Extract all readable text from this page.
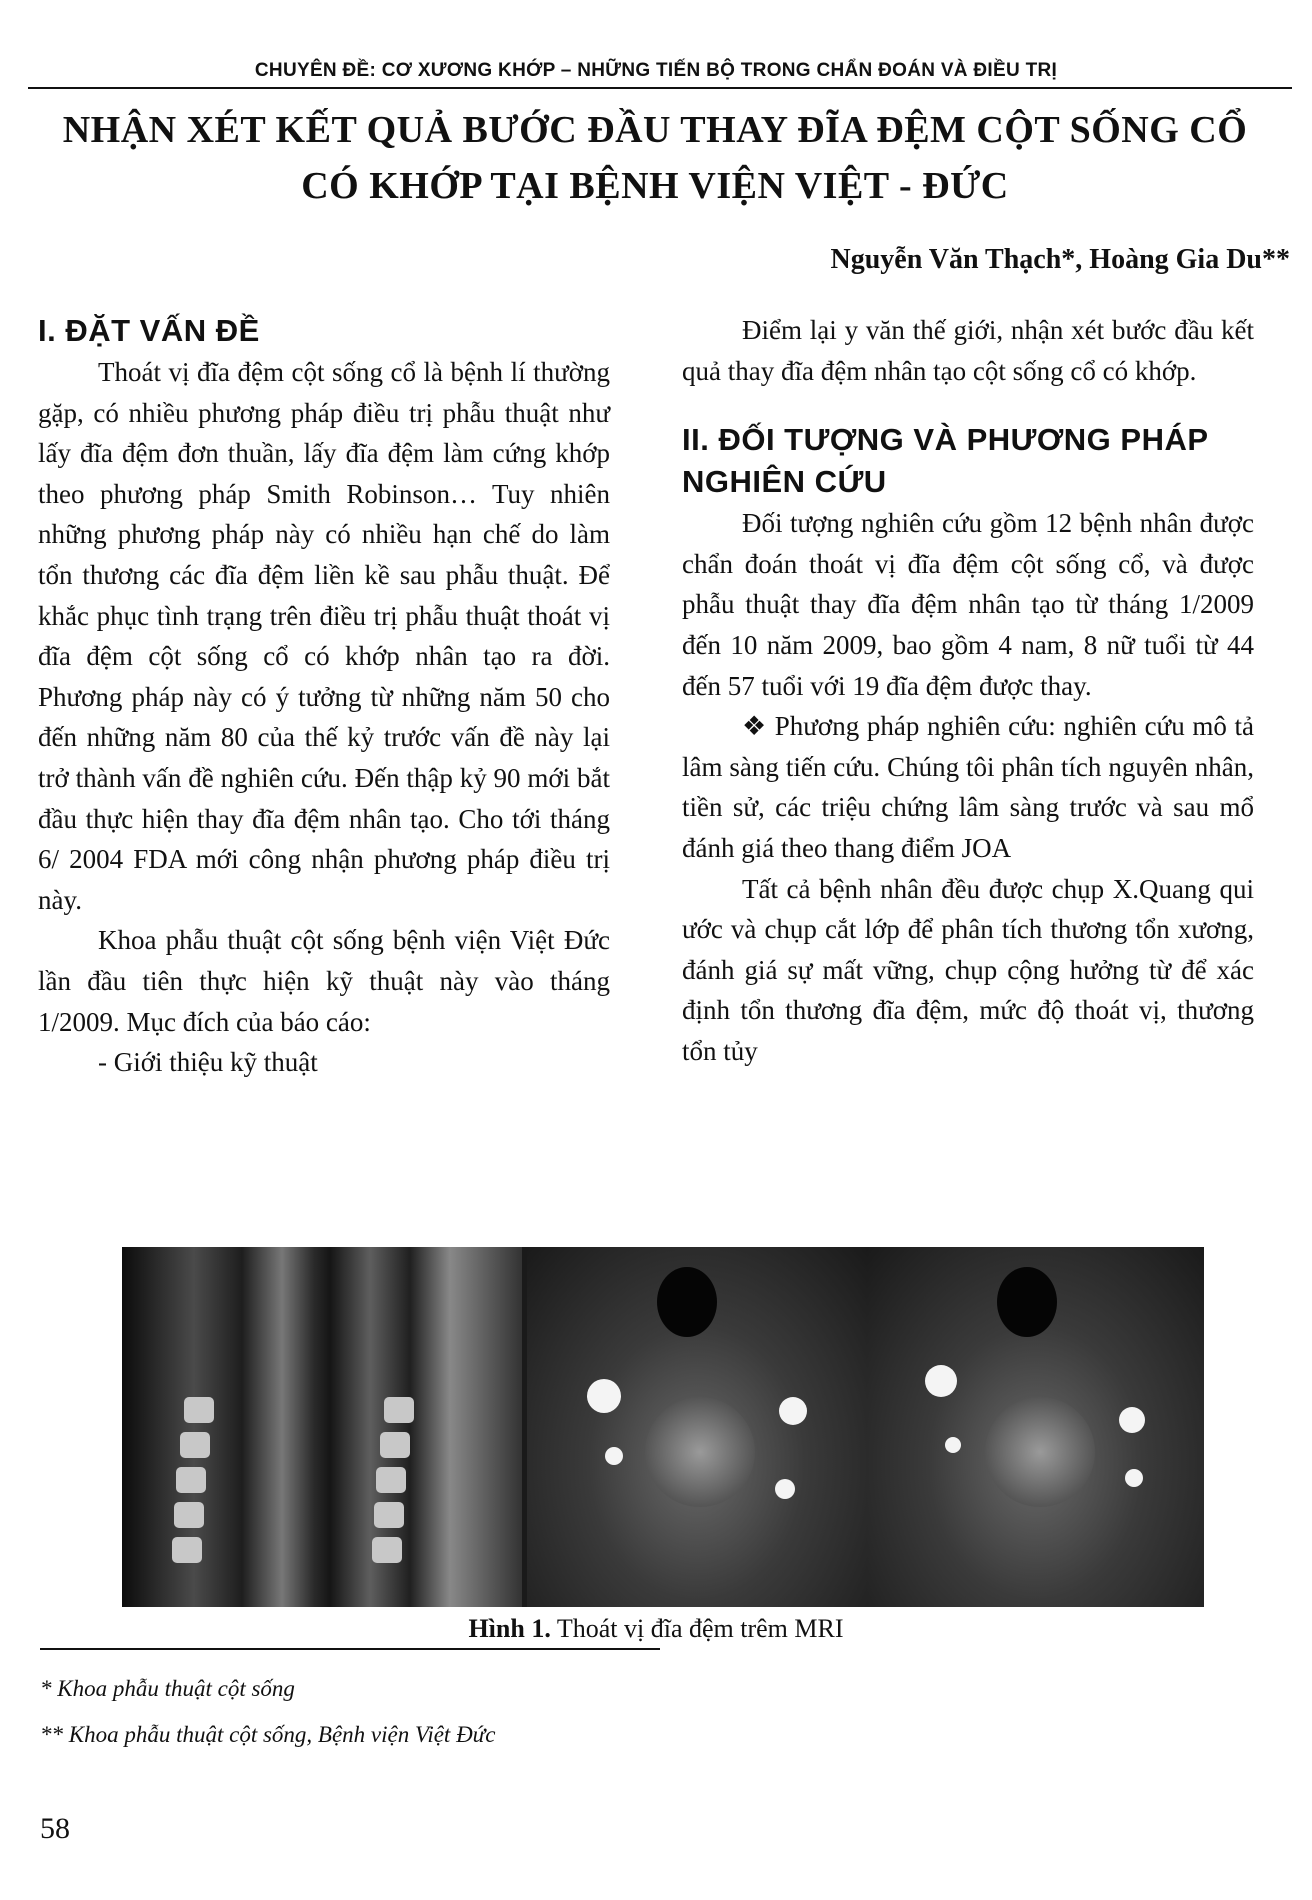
CHUYÊN ĐỀ: CƠ XƯƠNG KHỚP – NHỮNG TIẾN BỘ TRONG CHẨN ĐOÁN VÀ ĐIỀU TRỊ
NHẬN XÉT KẾT QUẢ BƯỚC ĐẦU THAY ĐĨA ĐỆM CỘT SỐNG CỔ
CÓ KHỚP TẠI BỆNH VIỆN VIỆT - ĐỨC
Nguyễn Văn Thạch*, Hoàng Gia Du**
I. ĐẶT VẤN ĐỀ

Thoát vị đĩa đệm cột sống cổ là bệnh lí thường gặp, có nhiều phương pháp điều trị phẫu thuật như lấy đĩa đệm đơn thuần, lấy đĩa đệm làm cứng khớp theo phương pháp Smith Robinson… Tuy nhiên những phương pháp này có nhiều hạn chế do làm tổn thương các đĩa đệm liền kề sau phẫu thuật. Để khắc phục tình trạng trên điều trị phẫu thuật thoát vị đĩa đệm cột sống cổ có khớp nhân tạo ra đời. Phương pháp này có ý tưởng từ những năm 50 cho đến những năm 80 của thế kỷ trước vấn đề này lại trở thành vấn đề nghiên cứu. Đến thập kỷ 90 mới bắt đầu thực hiện thay đĩa đệm nhân tạo. Cho tới tháng 6/ 2004 FDA mới công nhận phương pháp điều trị này.

Khoa phẫu thuật cột sống bệnh viện Việt Đức lần đầu tiên thực hiện kỹ thuật này vào tháng 1/2009. Mục đích của báo cáo:

- Giới thiệu kỹ thuật

Điểm lại y văn thế giới, nhận xét bước đầu kết quả thay đĩa đệm nhân tạo cột sống cổ có khớp.

II. ĐỐI TƯỢNG VÀ PHƯƠNG PHÁP NGHIÊN CỨU

Đối tượng nghiên cứu gồm 12 bệnh nhân được chẩn đoán thoát vị đĩa đệm cột sống cổ, và được phẫu thuật thay đĩa đệm nhân tạo từ tháng 1/2009 đến 10 năm 2009, bao gồm 4 nam, 8 nữ tuổi từ 44 đến 57 tuổi với 19 đĩa đệm được thay.

❖ Phương pháp nghiên cứu: nghiên cứu mô tả lâm sàng tiến cứu. Chúng tôi phân tích nguyên nhân, tiền sử, các triệu chứng lâm sàng trước và sau mổ đánh giá theo thang điểm JOA

Tất cả bệnh nhân đều được chụp X.Quang qui ước và chụp cắt lớp để phân tích thương tổn xương, đánh giá sự mất vững, chụp cộng hưởng từ để xác định tổn thương đĩa đệm, mức độ thoát vị, thương tổn tủy

Hình 1. Thoát vị đĩa đệm trêm MRI
* Khoa phẫu thuật cột sống
** Khoa phẫu thuật cột sống, Bệnh viện Việt Đức
58
